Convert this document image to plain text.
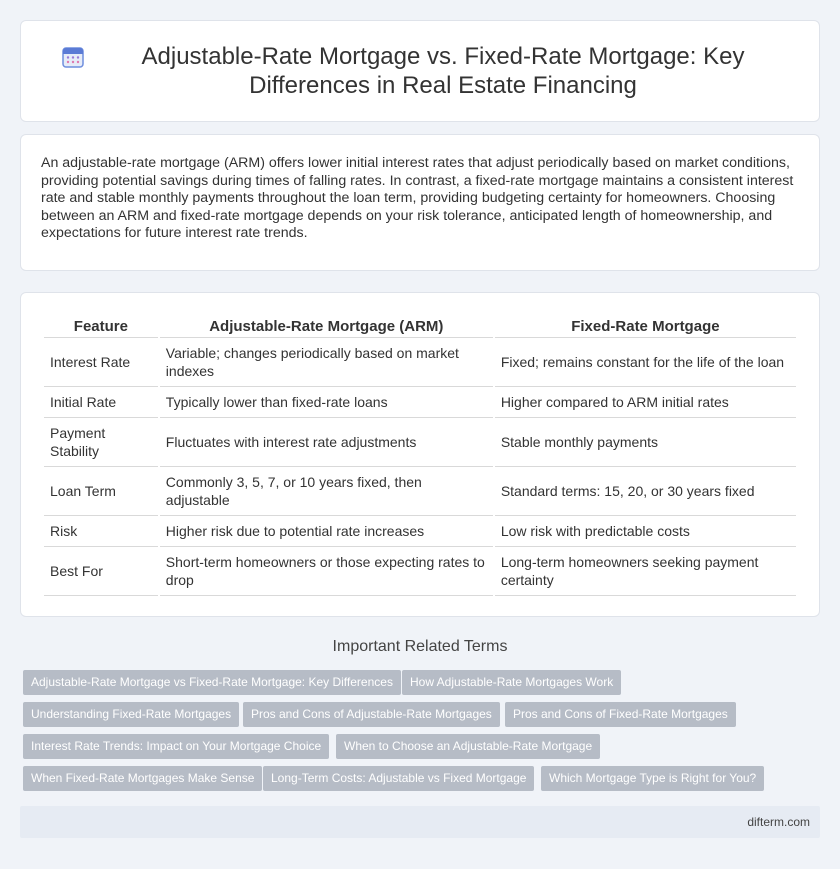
Adjustable-Rate Mortgage vs. Fixed-Rate Mortgage: Key Differences in Real Estate Financing

An adjustable-rate mortgage (ARM) offers lower initial interest rates that adjust periodically based on market conditions, providing potential savings during times of falling rates. In contrast, a fixed-rate mortgage maintains a consistent interest rate and stable monthly payments throughout the loan term, providing budgeting certainty for homeowners. Choosing between an ARM and fixed-rate mortgage depends on your risk tolerance, anticipated length of homeownership, and expectations for future interest rate trends.

Feature	Adjustable-Rate Mortgage (ARM)	Fixed-Rate Mortgage
Interest Rate	Variable; changes periodically based on market indexes	Fixed; remains constant for the life of the loan
Initial Rate	Typically lower than fixed-rate loans	Higher compared to ARM initial rates
Payment Stability	Fluctuates with interest rate adjustments	Stable monthly payments
Loan Term	Commonly 3, 5, 7, or 10 years fixed, then adjustable	Standard terms: 15, 20, or 30 years fixed
Risk	Higher risk due to potential rate increases	Low risk with predictable costs
Best For	Short-term homeowners or those expecting rates to drop	Long-term homeowners seeking payment certainty
Important Related Terms
Adjustable-Rate Mortgage vs Fixed-Rate Mortgage: Key Differences	How Adjustable-Rate Mortgages Work
Understanding Fixed-Rate Mortgages	Pros and Cons of Adjustable-Rate Mortgages	Pros and Cons of Fixed-Rate Mortgages
Interest Rate Trends: Impact on Your Mortgage Choice	When to Choose an Adjustable-Rate Mortgage
When Fixed-Rate Mortgages Make Sense	Long-Term Costs: Adjustable vs Fixed Mortgage	Which Mortgage Type is Right for You?
difterm.com
